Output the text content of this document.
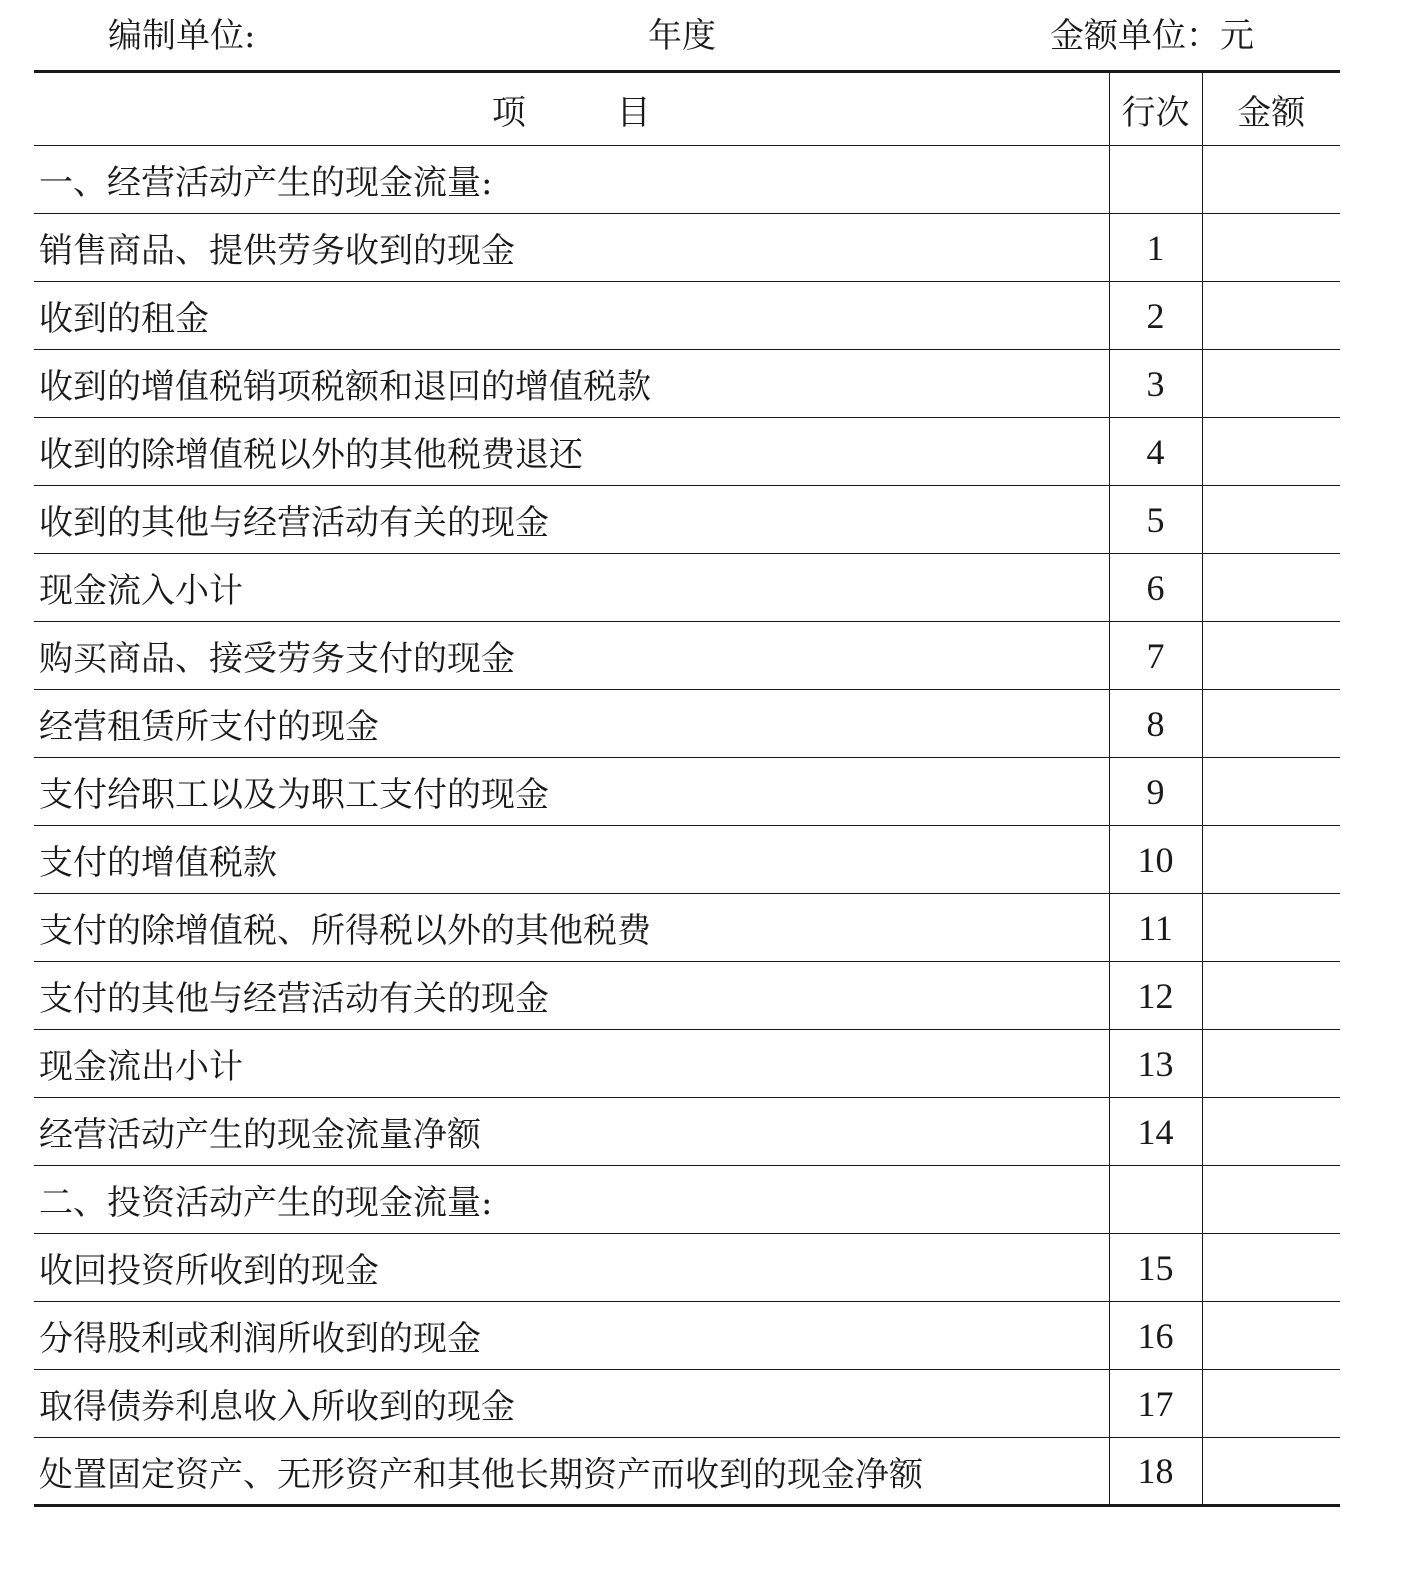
编制单位:	年度	金额单位：元
项 目	行次	金额
一、经营活动产生的现金流量:		
销售商品、提供劳务收到的现金	1	
收到的租金	2	
收到的增值税销项税额和退回的增值税款	3	
收到的除增值税以外的其他税费退还	4	
收到的其他与经营活动有关的现金	5	
现金流入小计	6	
购买商品、接受劳务支付的现金	7	
经营租赁所支付的现金	8	
支付给职工以及为职工支付的现金	9	
支付的增值税款	10	
支付的除增值税、所得税以外的其他税费	11	
支付的其他与经营活动有关的现金	12	
现金流出小计	13	
经营活动产生的现金流量净额	14	
二、投资活动产生的现金流量:		
收回投资所收到的现金	15	
分得股利或利润所收到的现金	16	
取得债券利息收入所收到的现金	17	
处置固定资产、无形资产和其他长期资产而收到的现金净额	18	
